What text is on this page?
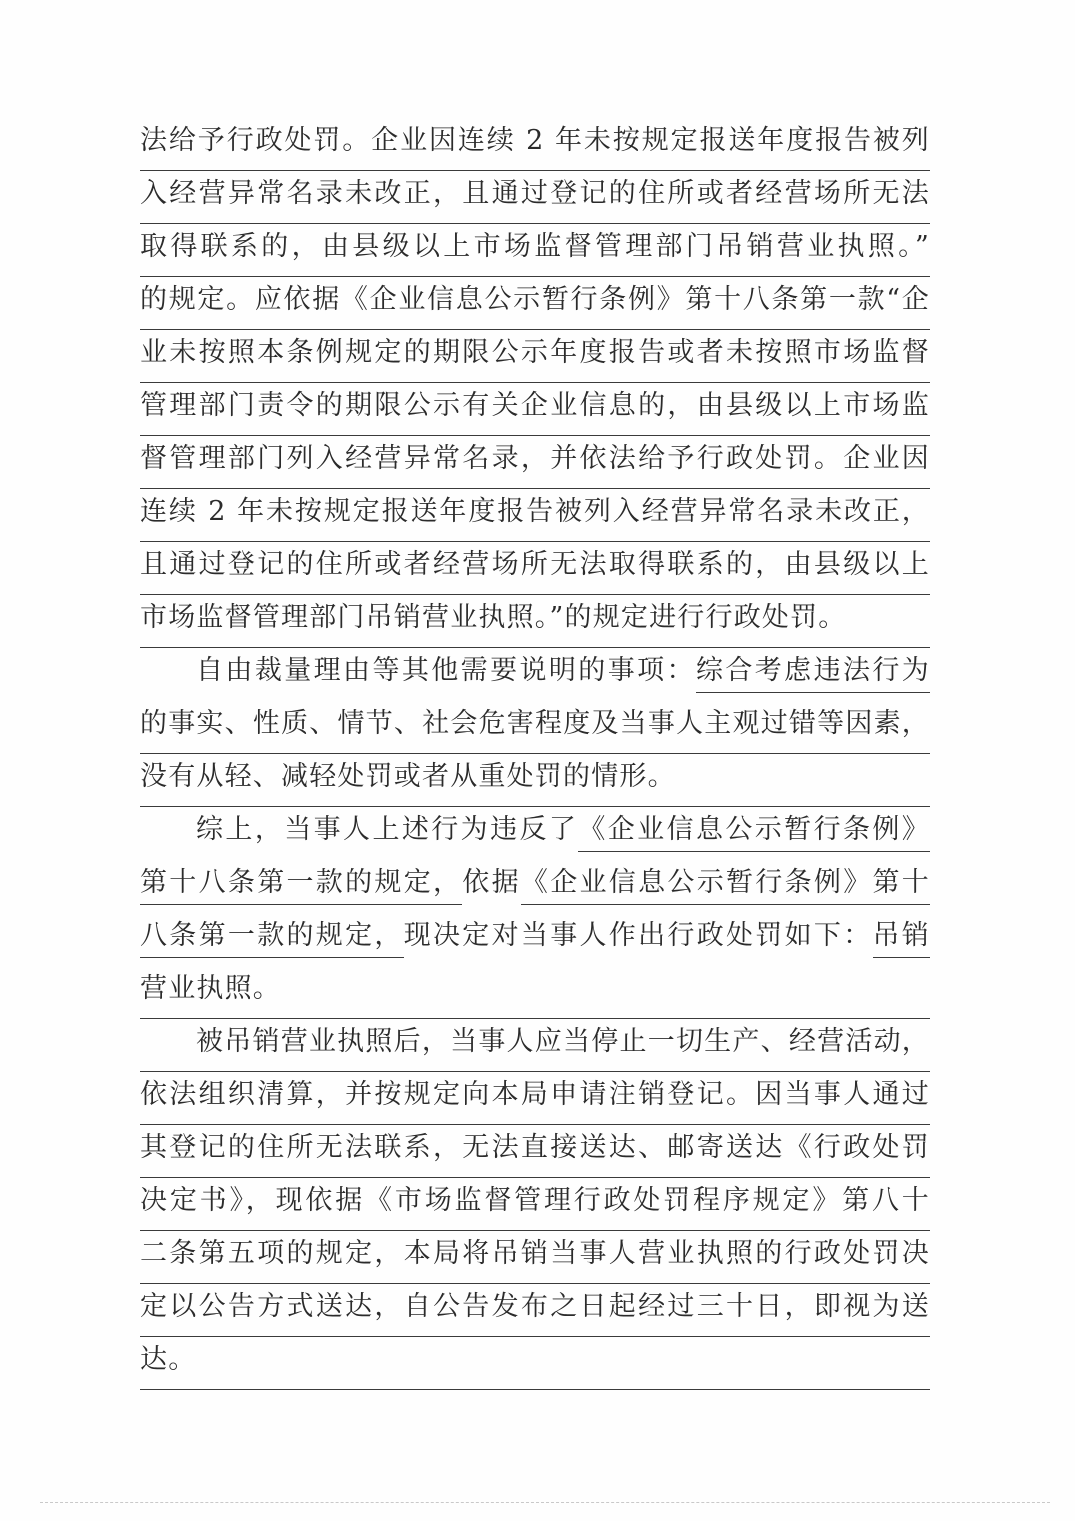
法给予行政处罚。企业因连续 2 年未按规定报送年度报告被列
入经营异常名录未改正，且通过登记的住所或者经营场所无法
取得联系的，由县级以上市场监督管理部门吊销营业执照。”
的规定。应依据《企业信息公示暂行条例》第十八条第一款“企
业未按照本条例规定的期限公示年度报告或者未按照市场监督
管理部门责令的期限公示有关企业信息的，由县级以上市场监
督管理部门列入经营异常名录，并依法给予行政处罚。企业因
连续 2 年未按规定报送年度报告被列入经营异常名录未改正，
且通过登记的住所或者经营场所无法取得联系的，由县级以上
市场监督管理部门吊销营业执照。”的规定进行行政处罚。
自由裁量理由等其他需要说明的事项：综合考虑违法行为
的事实、性质、情节、社会危害程度及当事人主观过错等因素，
没有从轻、减轻处罚或者从重处罚的情形。
综上，当事人上述行为违反了《企业信息公示暂行条例》
第十八条第一款的规定，依据《企业信息公示暂行条例》第十
八条第一款的规定，现决定对当事人作出行政处罚如下：吊销
营业执照。
被吊销营业执照后，当事人应当停止一切生产、经营活动，
依法组织清算，并按规定向本局申请注销登记。因当事人通过
其登记的住所无法联系，无法直接送达、邮寄送达《行政处罚
决定书》，现依据《市场监督管理行政处罚程序规定》第八十
二条第五项的规定，本局将吊销当事人营业执照的行政处罚决
定以公告方式送达，自公告发布之日起经过三十日，即视为送
达。
